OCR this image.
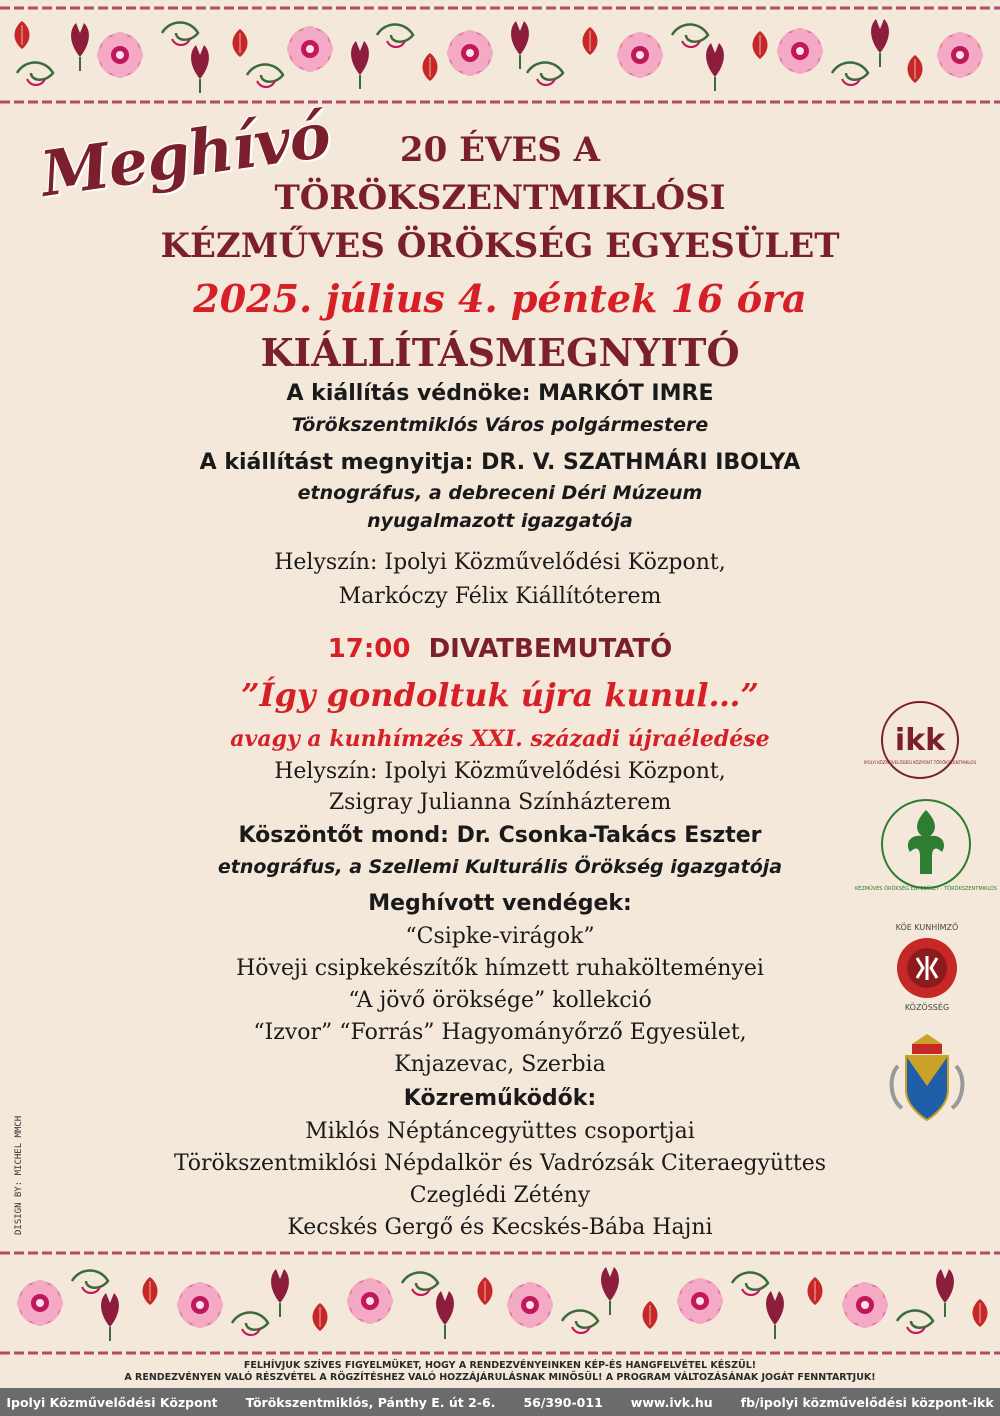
Meghívó	20 ÉVES A
TÖRÖKSZENTMIKLÓSI
KÉZMŰVES ÖRÖKSÉG EGYESÜLET
2025. július 4. péntek 16 óra
KIÁLLÍTÁSMEGNYITÓ
A kiállítás védnöke: MARKÓT IMRE
Törökszentmiklós Város polgármestere
A kiállítást megnyitja: DR. V. SZATHMÁRI IBOLYA
etnográfus, a debreceni Déri Múzeum
nyugalmazott igazgatója
Helyszín: Ipolyi Közművelődési Központ,
Markóczy Félix Kiállítóterem
17:00 DIVATBEMUTATÓ
”Így gondoltuk újra kunul…”
avagy a kunhímzés XXI. századi újraéledése
Helyszín: Ipolyi Közművelődési Központ,
Zsigray Julianna Színházterem
Köszöntőt mond: Dr. Csonka-Takács Eszter
etnográfus, a Szellemi Kulturális Örökség igazgatója
Meghívott vendégek:
“Csipke-virágok”
Höveji csipkekészítők hímzett ruhakölteményei
“A jövő öröksége” kollekció
“Izvor” “Forrás” Hagyományőrző Egyesület,
Knjazevac, Szerbia
Közreműködők:
Miklós Néptáncegyüttes csoportjai
Törökszentmiklósi Népdalkör és Vadrózsák Citeraegyüttes
Czeglédi Zétény
Kecskés Gergő és Kecskés-Bába Hajni
DISIGN BY: MICHEL MMCH
ikk
IPOLYI KÖZMŰVELŐDÉSI KÖZPONT TÖRÖKSZENTMIKLÓS
KÉZMŰVES ÖRÖKSÉG EGYESÜLET · TÖRÖKSZENTMIKLÓS
KÖE KUNHÍMZŐ
KÖZÖSSÉG
FELHÍVJUK SZÍVES FIGYELMÜKET, HOGY A RENDEZVÉNYEINKEN KÉP-ÉS HANGFELVÉTEL KÉSZÜL!
A RENDEZVÉNYEN VALÓ RÉSZVÉTEL A RÖGZÍTÉSHEZ VALÓ HOZZÁJÁRULÁSNAK MINŐSÜL! A PROGRAM VÁLTOZÁSÁNAK JOGÁT FENNTARTJUK!
Ipolyi Közművelődési Központ Törökszentmiklós, Pánthy E. út 2-6. 56/390-011 www.ivk.hu fb/ipolyi közművelődési központ-ikk
